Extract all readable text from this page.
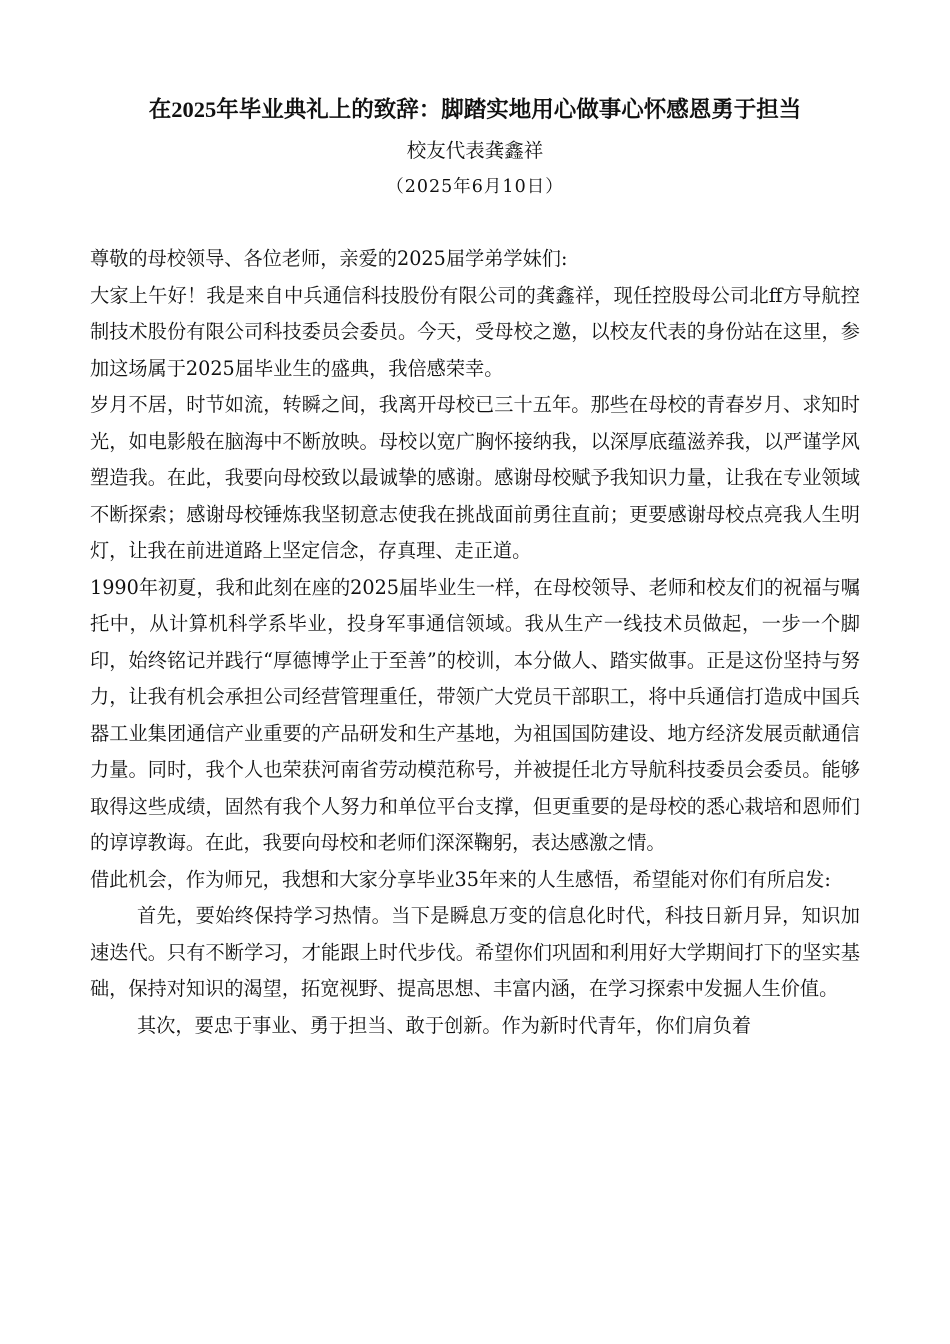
在2025年毕业典礼上的致辞：脚踏实地用心做事心怀感恩勇于担当
校友代表龚鑫祥
（2025年6月10日）

尊敬的母校领导、各位老师，亲爱的2025届学弟学妹们:

大家上午好！我是来自中兵通信科技股份有限公司的龚鑫祥，现任控股母公司北ff方导航控制技术股份有限公司科技委员会委员。今天，受母校之邀，以校友代表的身份站在这里，参加这场属于2025届毕业生的盛典，我倍感荣幸。

岁月不居，时节如流，转瞬之间，我离开母校已三十五年。那些在母校的青春岁月、求知时光，如电影般在脑海中不断放映。母校以宽广胸怀接纳我，以深厚底蕴滋养我，以严谨学风塑造我。在此，我要向母校致以最诚挚的感谢。感谢母校赋予我知识力量，让我在专业领域不断探索；感谢母校锤炼我坚韧意志使我在挑战面前勇往直前；更要感谢母校点亮我人生明灯，让我在前进道路上坚定信念，存真理、走正道。

1990年初夏，我和此刻在座的2025届毕业生一样，在母校领导、老师和校友们的祝福与嘱托中，从计算机科学系毕业，投身军事通信领域。我从生产一线技术员做起，一步一个脚印，始终铭记并践行“厚德博学止于至善”的校训，本分做人、踏实做事。正是这份坚持与努力，让我有机会承担公司经营管理重任，带领广大党员干部职工，将中兵通信打造成中国兵器工业集团通信产业重要的产品研发和生产基地，为祖国国防建设、地方经济发展贡献通信力量。同时，我个人也荣获河南省劳动模范称号，并被提任北方导航科技委员会委员。能够取得这些成绩，固然有我个人努力和单位平台支撑，但更重要的是母校的悉心栽培和恩师们的谆谆教诲。在此，我要向母校和老师们深深鞠躬，表达感激之情。

借此机会，作为师兄，我想和大家分享毕业35年来的人生感悟，希望能对你们有所启发:

首先，要始终保持学习热情。当下是瞬息万变的信息化时代，科技日新月异，知识加速迭代。只有不断学习，才能跟上时代步伐。希望你们巩固和利用好大学期间打下的坚实基础，保持对知识的渴望，拓宽视野、提高思想、丰富内涵，在学习探索中发掘人生价值。

其次，要忠于事业、勇于担当、敢于创新。作为新时代青年，你们肩负着
